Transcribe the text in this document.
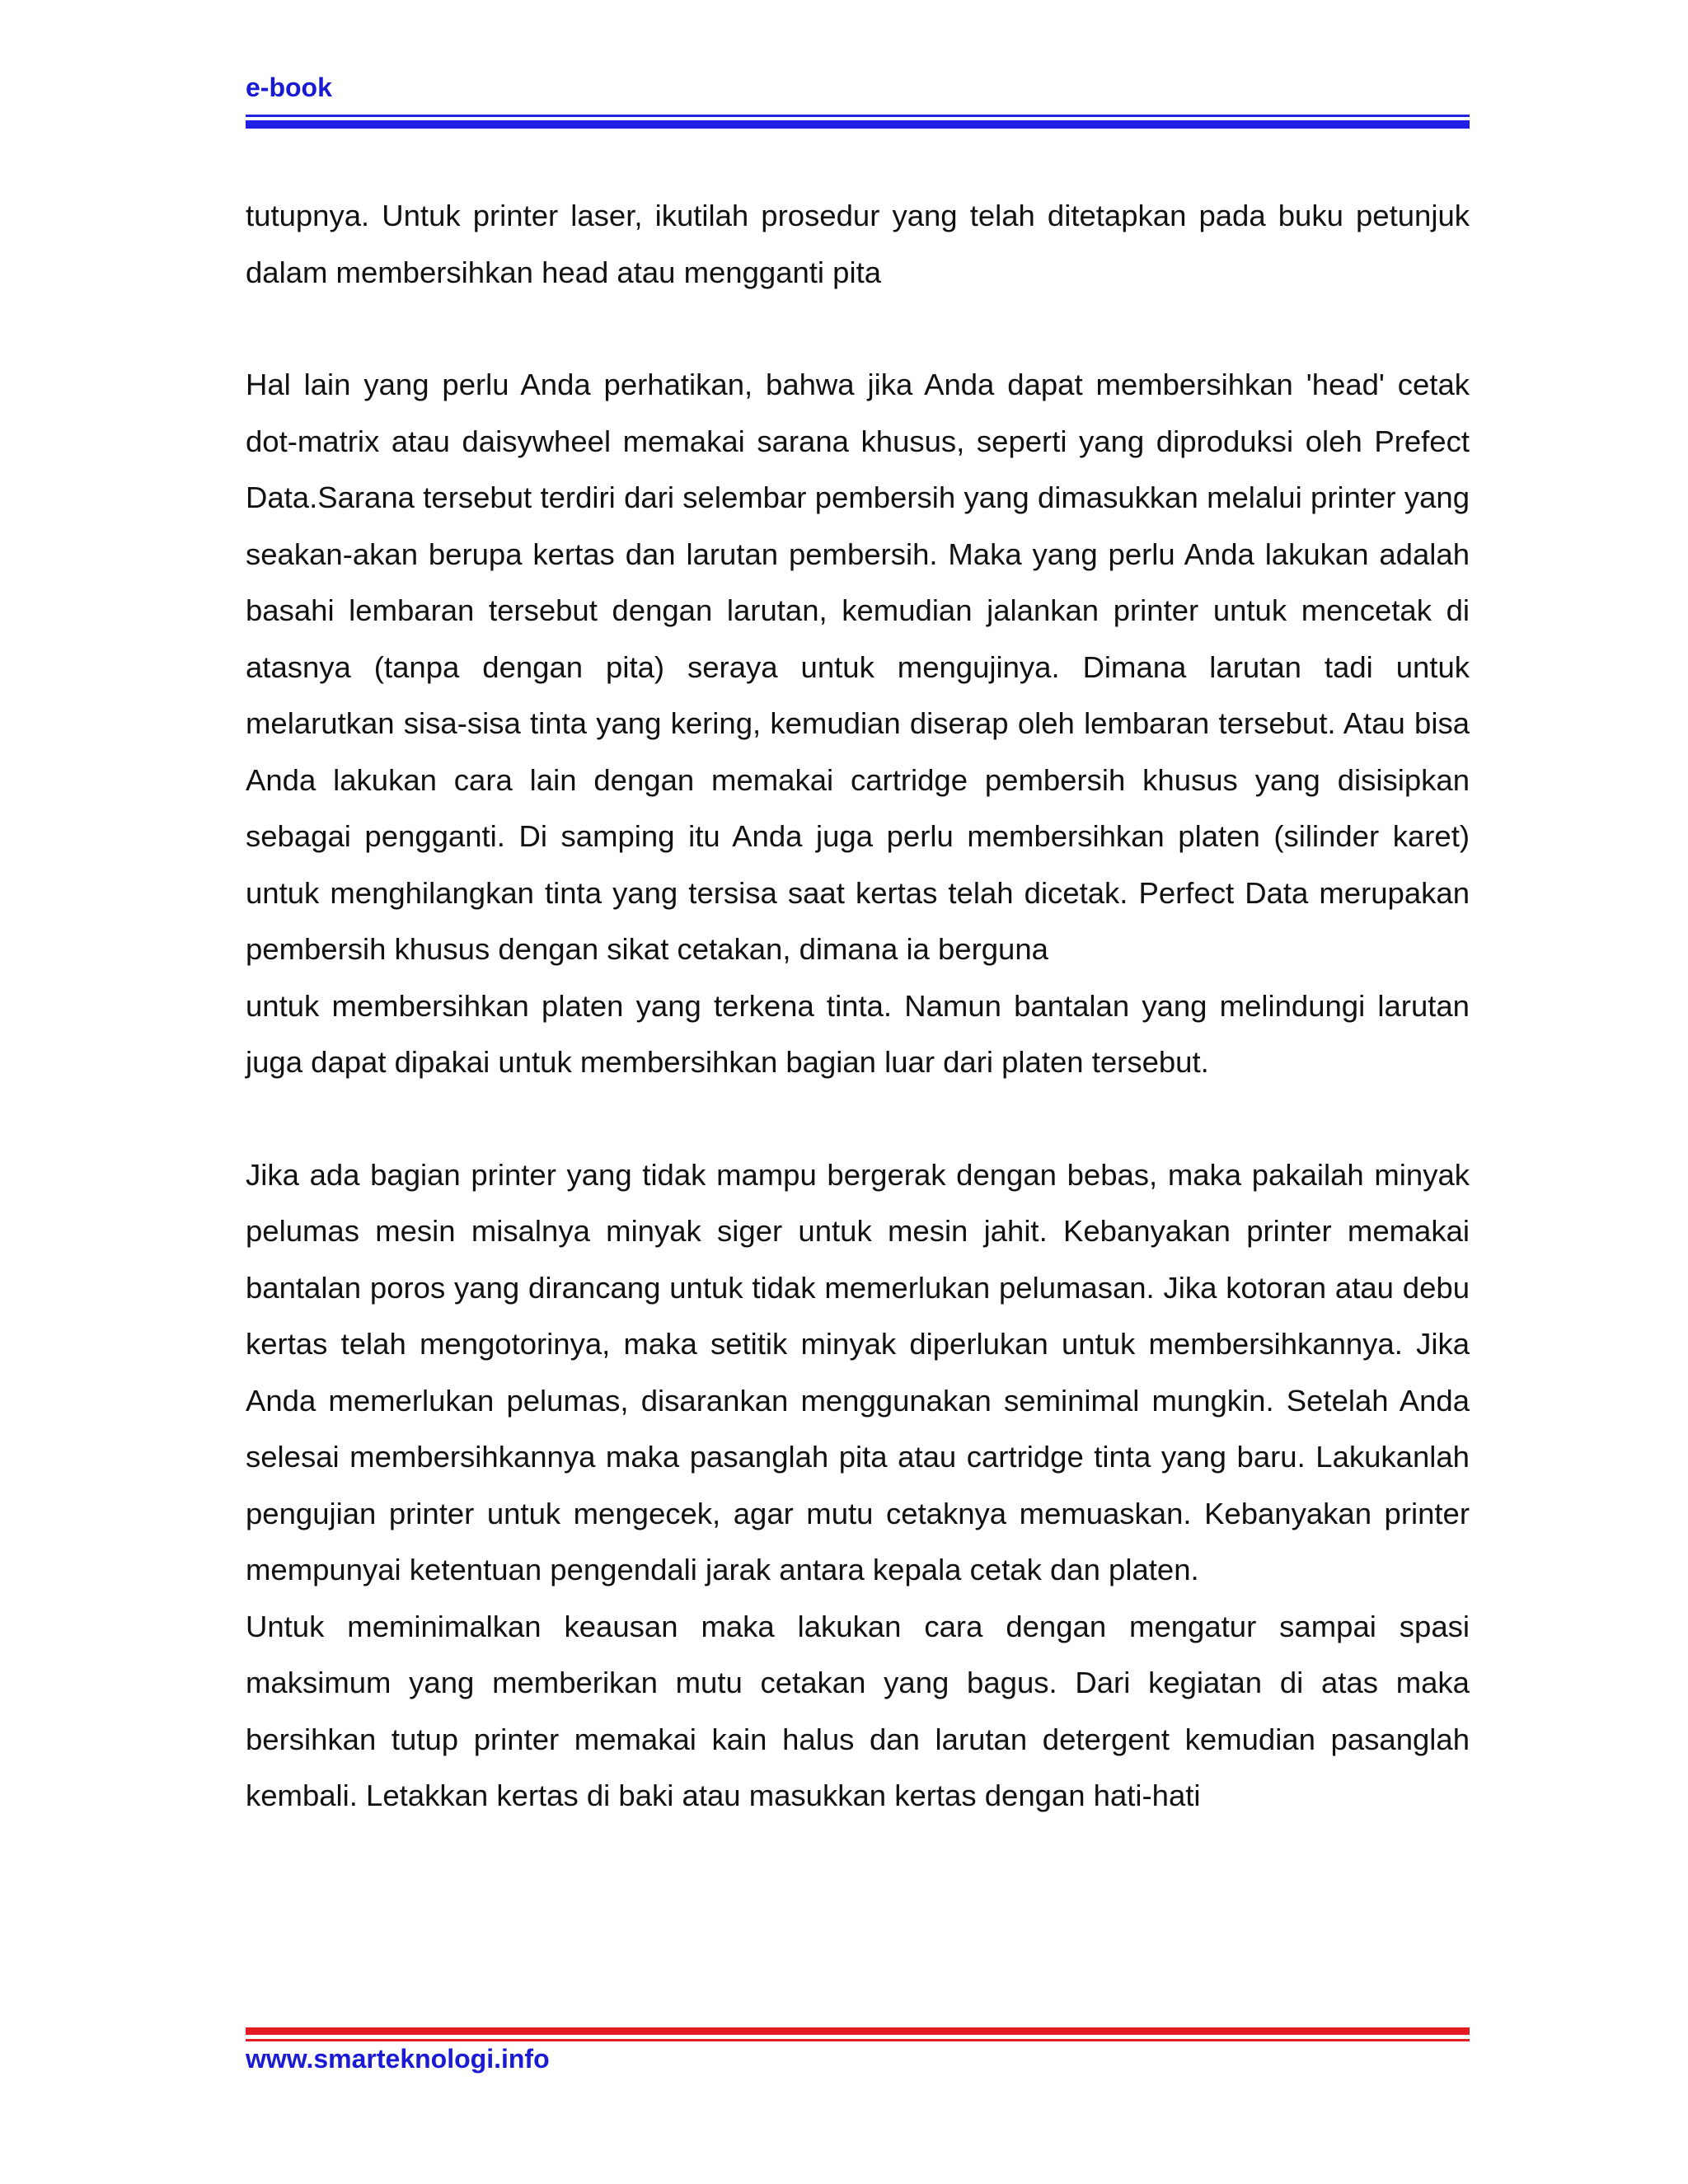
e-book

tutupnya. Untuk printer laser, ikutilah prosedur yang telah ditetapkan pada buku petunjuk dalam membersihkan head atau mengganti pita

Hal lain yang perlu Anda perhatikan, bahwa jika Anda dapat membersihkan 'head' cetak dot-matrix atau daisywheel memakai sarana khusus, seperti yang diproduksi oleh Prefect Data.Sarana tersebut terdiri dari selembar pembersih yang dimasukkan melalui printer yang seakan-akan berupa kertas dan larutan pembersih. Maka yang perlu Anda lakukan adalah basahi lembaran tersebut dengan larutan, kemudian jalankan printer untuk mencetak di atasnya (tanpa dengan pita) seraya untuk mengujinya. Dimana larutan tadi untuk melarutkan sisa-sisa tinta yang kering, kemudian diserap oleh lembaran tersebut. Atau bisa Anda lakukan cara lain dengan memakai cartridge pembersih khusus yang disisipkan sebagai pengganti. Di samping itu Anda juga perlu membersihkan platen (silinder karet) untuk menghilangkan tinta yang tersisa saat kertas telah dicetak. Perfect Data merupakan pembersih khusus dengan sikat cetakan, dimana ia berguna

untuk membersihkan platen yang terkena tinta. Namun bantalan yang melindungi larutan juga dapat dipakai untuk membersihkan bagian luar dari platen tersebut.

Jika ada bagian printer yang tidak mampu bergerak dengan bebas, maka pakailah minyak pelumas mesin misalnya minyak siger untuk mesin jahit. Kebanyakan printer memakai bantalan poros yang dirancang untuk tidak memerlukan pelumasan. Jika kotoran atau debu kertas telah mengotorinya, maka setitik minyak diperlukan untuk membersihkannya. Jika Anda memerlukan pelumas, disarankan menggunakan seminimal mungkin. Setelah Anda selesai membersihkannya maka pasanglah pita atau cartridge tinta yang baru. Lakukanlah pengujian printer untuk mengecek, agar mutu cetaknya memuaskan. Kebanyakan printer mempunyai ketentuan pengendali jarak antara kepala cetak dan platen.

Untuk meminimalkan keausan maka lakukan cara dengan mengatur sampai spasi maksimum yang memberikan mutu cetakan yang bagus. Dari kegiatan di atas maka bersihkan tutup printer memakai kain halus dan larutan detergent kemudian pasanglah kembali. Letakkan kertas di baki atau masukkan kertas dengan hati-hati

www.smarteknologi.info
